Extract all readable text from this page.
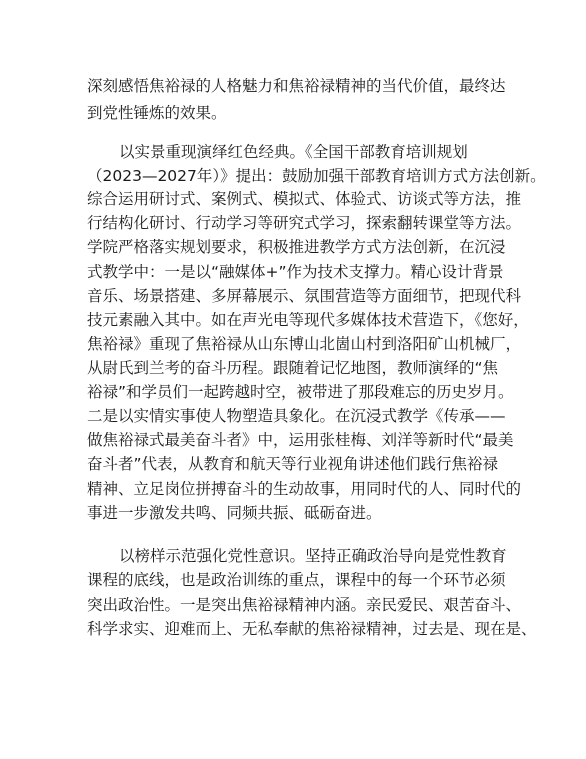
深刻感悟焦裕禄的人格魅力和焦裕禄精神的当代价值，最终达

到党性锤炼的效果。

以实景重现演绎红色经典。《全国干部教育培训规划

（2023—2027年）》提出：鼓励加强干部教育培训方式方法创新。

综合运用研讨式、案例式、模拟式、体验式、访谈式等方法，推

行结构化研讨、行动学习等研究式学习，探索翻转课堂等方法。

学院严格落实规划要求，积极推进教学方式方法创新，在沉浸

式教学中：一是以“融媒体+”作为技术支撑力。精心设计背景

音乐、场景搭建、多屏幕展示、氛围营造等方面细节，把现代科

技元素融入其中。如在声光电等现代多媒体技术营造下，《您好，

焦裕禄》重现了焦裕禄从山东博山北崮山村到洛阳矿山机械厂，

从尉氏到兰考的奋斗历程。跟随着记忆地图，教师演绎的“焦

裕禄”和学员们一起跨越时空，被带进了那段难忘的历史岁月。

二是以实情实事使人物塑造具象化。在沉浸式教学《传承——

做焦裕禄式最美奋斗者》中，运用张桂梅、刘洋等新时代“最美

奋斗者”代表，从教育和航天等行业视角讲述他们践行焦裕禄

精神、立足岗位拼搏奋斗的生动故事，用同时代的人、同时代的

事进一步激发共鸣、同频共振、砥砺奋进。

以榜样示范强化党性意识。坚持正确政治导向是党性教育

课程的底线，也是政治训练的重点，课程中的每一个环节必须

突出政治性。一是突出焦裕禄精神内涵。亲民爱民、艰苦奋斗、

科学求实、迎难而上、无私奉献的焦裕禄精神，过去是、现在是、
